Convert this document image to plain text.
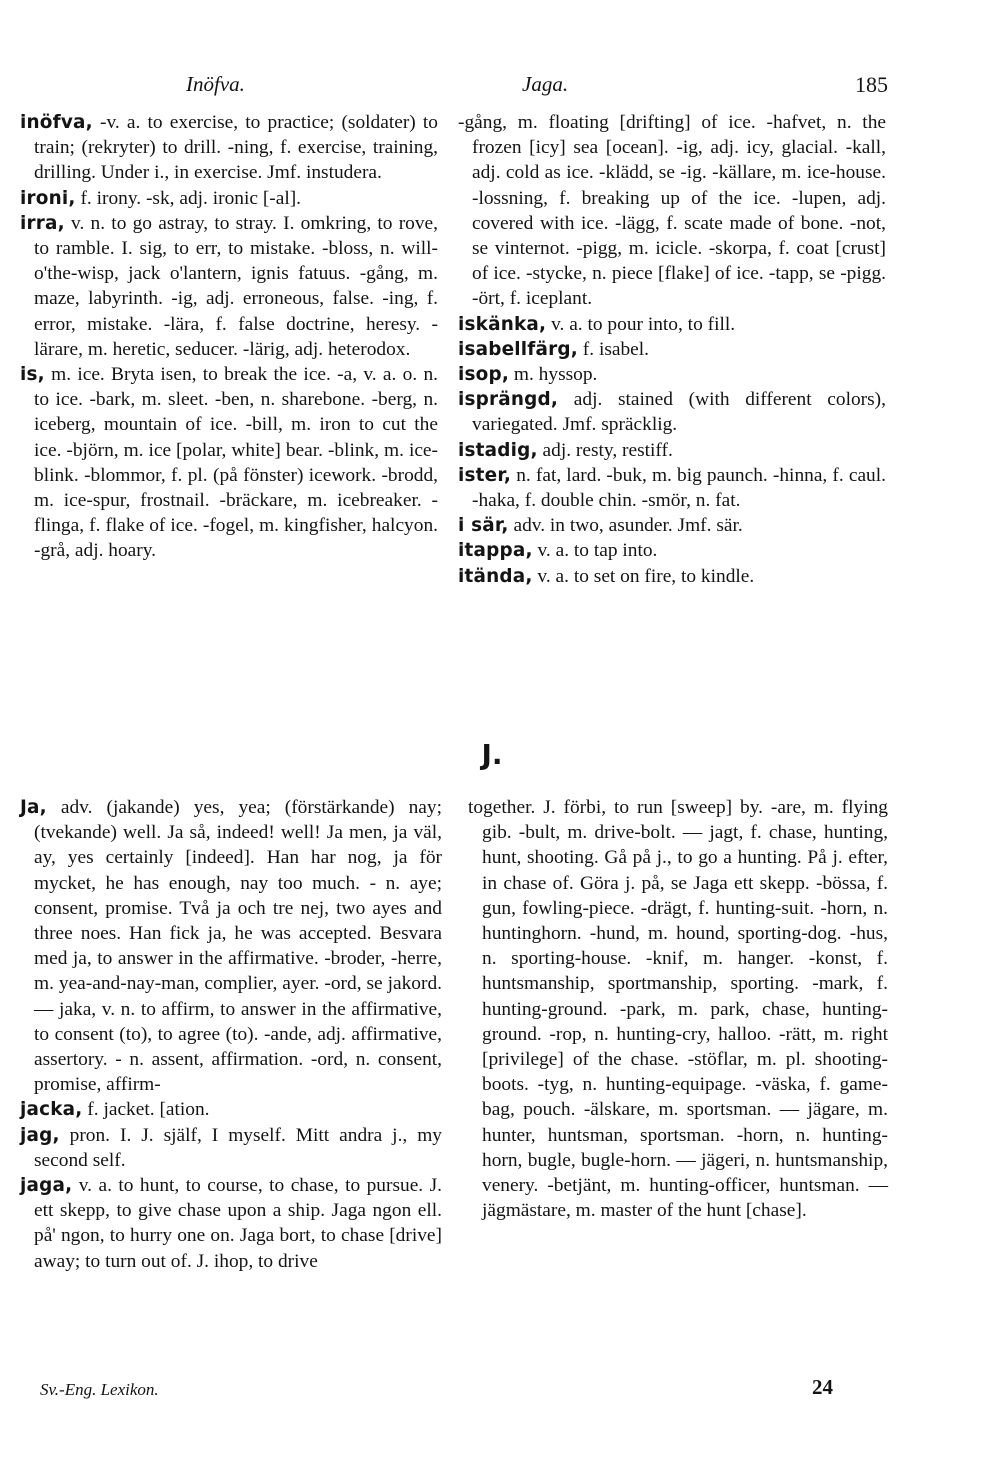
Inöfva.	Jaga.	185

inöfva, -v. a. to exercise, to practice; (soldater) to train; (rekryter) to drill. -ning, f. exercise, training, drilling. Under i., in exercise. Jmf. instudera.

ironi, f. irony. -sk, adj. ironic [-al].

irra, v. n. to go astray, to stray. I. omkring, to rove, to ramble. I. sig, to err, to mistake. -bloss, n. will-o'the-wisp, jack o'lantern, ignis fatuus. -gång, m. maze, labyrinth. -ig, adj. erroneous, false. -ing, f. error, mistake. -lära, f. false doctrine, heresy. -lärare, m. heretic, seducer. -lärig, adj. heterodox.

is, m. ice. Bryta isen, to break the ice. -a, v. a. o. n. to ice. -bark, m. sleet. -ben, n. sharebone. -berg, n. iceberg, mountain of ice. -bill, m. iron to cut the ice. -björn, m. ice [polar, white] bear. -blink, m. ice-blink. -blommor, f. pl. (på fönster) icework. -brodd, m. ice-spur, frostnail. -bräckare, m. icebreaker. -flinga, f. flake of ice. -fogel, m. kingfisher, halcyon. -grå, adj. hoary.

-gång, m. floating [drifting] of ice. -hafvet, n. the frozen [icy] sea [ocean]. -ig, adj. icy, glacial. -kall, adj. cold as ice. -klädd, se -ig. -källare, m. ice-house. -lossning, f. breaking up of the ice. -lupen, adj. covered with ice. -lägg, f. scate made of bone. -not, se vinternot. -pigg, m. icicle. -skorpa, f. coat [crust] of ice. -stycke, n. piece [flake] of ice. -tapp, se -pigg. -ört, f. iceplant.

iskänka, v. a. to pour into, to fill.

isabellfärg, f. isabel.

isop, m. hyssop.

isprängd, adj. stained (with different colors), variegated. Jmf. spräcklig.

istadig, adj. resty, restiff.

ister, n. fat, lard. -buk, m. big paunch. -hinna, f. caul. -haka, f. double chin. -smör, n. fat.

i sär, adv. in two, asunder. Jmf. sär.

itappa, v. a. to tap into.

itända, v. a. to set on fire, to kindle.

J.

Ja, adv. (jakande) yes, yea; (förstärkande) nay; (tvekande) well. Ja så, indeed! well! Ja men, ja väl, ay, yes certainly [indeed]. Han har nog, ja för mycket, he has enough, nay too much. - n. aye; consent, promise. Två ja och tre nej, two ayes and three noes. Han fick ja, he was accepted. Besvara med ja, to answer in the affirmative. -broder, -herre, m. yea-and-nay-man, complier, ayer. -ord, se jakord. — jaka, v. n. to affirm, to answer in the affirmative, to consent (to), to agree (to). -ande, adj. affirmative, assertory. - n. assent, affirmation. -ord, n. consent, promise, affirm-

jacka, f. jacket. [ation.

jag, pron. I. J. själf, I myself. Mitt andra j., my second self.

jaga, v. a. to hunt, to course, to chase, to pursue. J. ett skepp, to give chase upon a ship. Jaga ngon ell. på' ngon, to hurry one on. Jaga bort, to chase [drive] away; to turn out of. J. ihop, to drive

together. J. förbi, to run [sweep] by. -are, m. flying gib. -bult, m. drive-bolt. — jagt, f. chase, hunting, hunt, shooting. Gå på j., to go a hunting. På j. efter, in chase of. Göra j. på, se Jaga ett skepp. -bössa, f. gun, fowling-piece. -drägt, f. hunting-suit. -horn, n. huntinghorn. -hund, m. hound, sporting-dog. -hus, n. sporting-house. -knif, m. hanger. -konst, f. huntsmanship, sportmanship, sporting. -mark, f. hunting-ground. -park, m. park, chase, hunting-ground. -rop, n. hunting-cry, halloo. -rätt, m. right [privilege] of the chase. -stöflar, m. pl. shooting-boots. -tyg, n. hunting-equipage. -väska, f. game-bag, pouch. -älskare, m. sportsman. — jägare, m. hunter, huntsman, sportsman. -horn, n. hunting-horn, bugle, bugle-horn. — jägeri, n. huntsmanship, venery. -betjänt, m. hunting-officer, huntsman. — jägmästare, m. master of the hunt [chase].

Sv.-Eng. Lexikon.	24
